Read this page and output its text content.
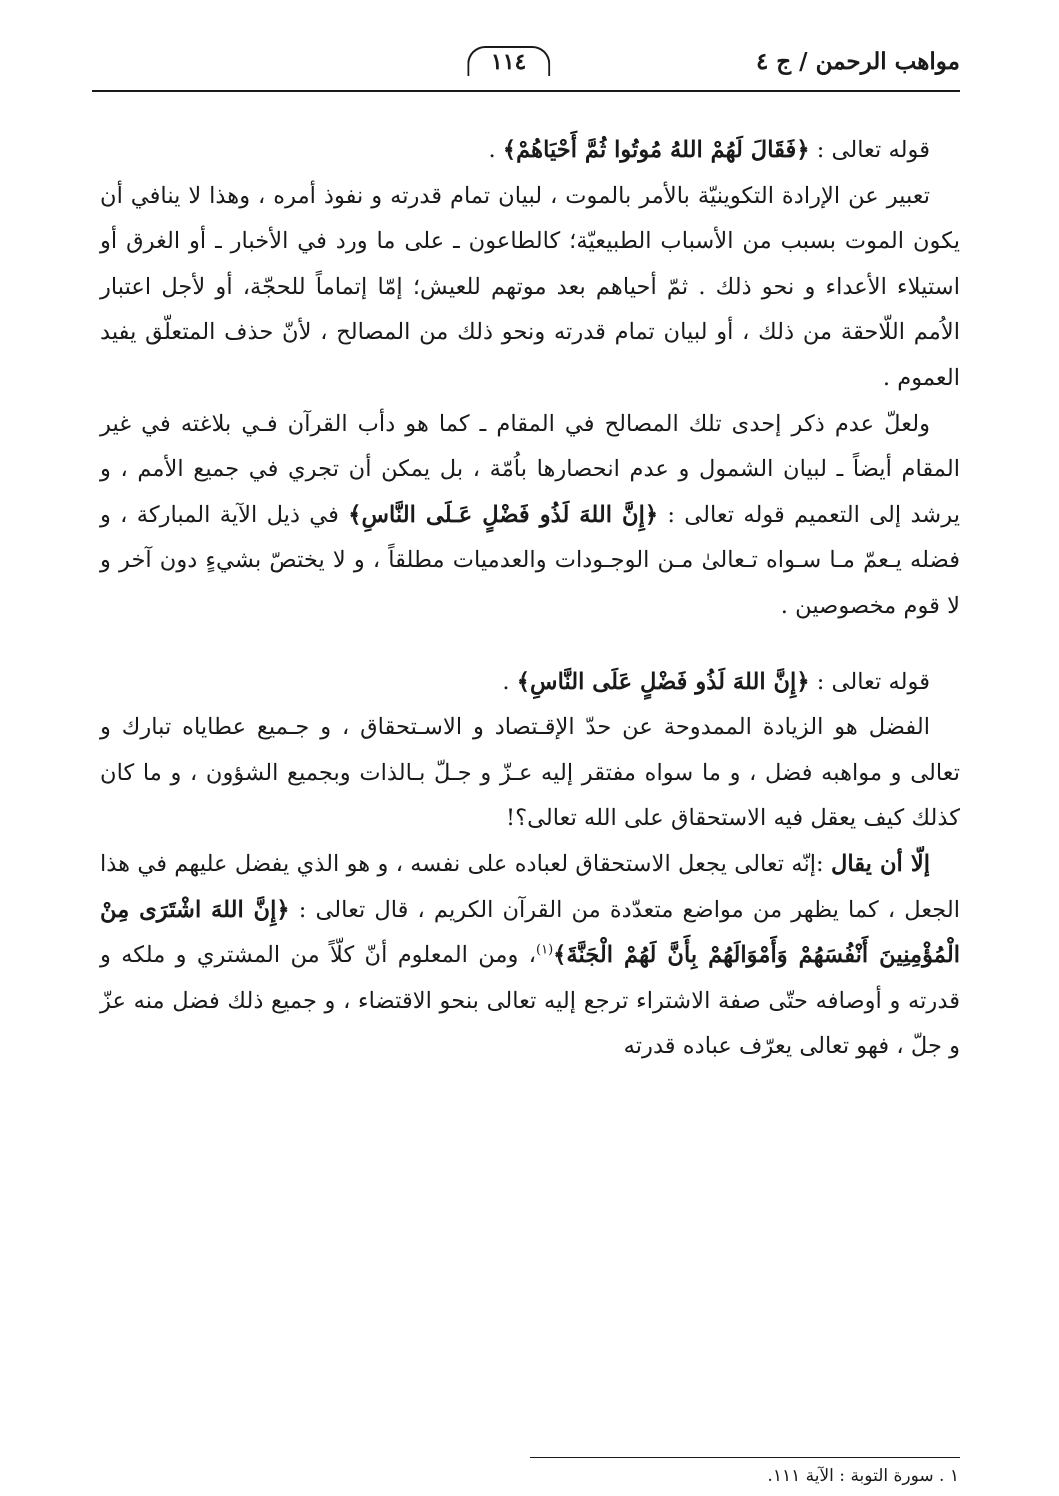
مواهب الرحمن / ج ٤
١١٤

قوله تعالى : ﴿فَقَالَ لَهُمْ اللهُ مُوتُوا ثُمَّ أَحْيَاهُمْ﴾ .

تعبير عن الإرادة التكوينيّة بالأمر بالموت ، لبيان تمام قدرته و نفوذ أمره ، وهذا لا ينافي أن يكون الموت بسبب من الأسباب الطبيعيّة؛ كالطاعون ـ على ما ورد في الأخبار ـ أو الغرق أو استيلاء الأعداء و نحو ذلك . ثمّ أحياهم بعد موتهم للعيش؛ إمّا إتماماً للحجّة، أو لأجل اعتبار الاُمم اللّاحقة من ذلك ، أو لبيان تمام قدرته ونحو ذلك من المصالح ، لأنّ حذف المتعلّق يفيد العموم .

ولعلّ عدم ذكر إحدى تلك المصالح في المقام ـ كما هو دأب القرآن فـي بلاغته في غير المقام أيضاً ـ لبيان الشمول و عدم انحصارها باُمّة ، بل يمكن أن تجري في جميع الأمم ، و يرشد إلى التعميم قوله تعالى : ﴿إِنَّ اللهَ لَذُو فَضْلٍ عَـلَى النَّاسِ﴾ في ذيل الآية المباركة ، و فضله يـعمّ مـا سـواه تـعالىٰ مـن الوجـودات والعدميات مطلقاً ، و لا يختصّ بشيءٍ دون آخر و لا قوم مخصوصين .

قوله تعالى : ﴿إِنَّ اللهَ لَذُو فَضْلٍ عَلَى النَّاسِ﴾ .

الفضل هو الزيادة الممدوحة عن حدّ الإقـتصاد و الاسـتحقاق ، و جـميع عطاياه تبارك و تعالى و مواهبه فضل ، و ما سواه مفتقر إليه عـزّ و جـلّ بـالذات وبجميع الشؤون ، و ما كان كذلك كيف يعقل فيه الاستحقاق على الله تعالى؟!

إلّا أن يقال :إنّه تعالى يجعل الاستحقاق لعباده على نفسه ، و هو الذي يفضل عليهم في هذا الجعل ، كما يظهر من مواضع متعدّدة من القرآن الكريم ، قال تعالى : ﴿إِنَّ اللهَ اشْتَرَى مِنْ الْمُؤْمِنِينَ أَنْفُسَهُمْ وَأَمْوَالَهُمْ بِأَنَّ لَهُمْ الْجَنَّةَ﴾$^{(١)}$، ومن المعلوم أنّ كلّاً من المشتري و ملكه و قدرته و أوصافه حتّى صفة الاشتراء ترجع إليه تعالى بنحو الاقتضاء ، و جميع ذلك فضل منه عزّ و جلّ ، فهو تعالى يعرّف عباده قدرته

١ . سورة التوبة : الآية ١١١.
